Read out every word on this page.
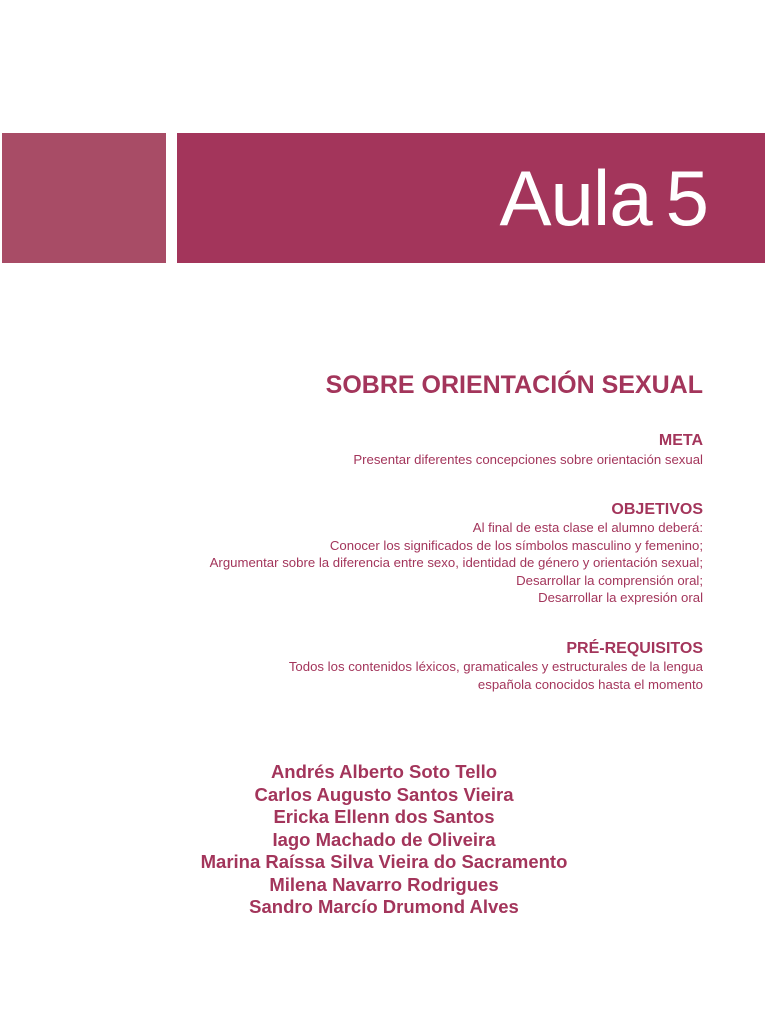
Aula 5
SOBRE ORIENTACIÓN SEXUAL
META
Presentar diferentes concepciones sobre orientación sexual
OBJETIVOS
Al final de esta clase el alumno deberá:
Conocer los significados de los símbolos masculino y femenino;
Argumentar sobre la diferencia entre sexo, identidad de género y orientación sexual;
Desarrollar la comprensión oral;
Desarrollar la expresión oral
PRÉ-REQUISITOS
Todos los contenidos léxicos, gramaticales y estructurales de la lengua
española conocidos hasta el momento
Andrés Alberto Soto Tello
Carlos Augusto Santos Vieira
Ericka Ellenn dos Santos
Iago Machado de Oliveira
Marina Raíssa Silva Vieira do Sacramento
Milena Navarro Rodrigues
Sandro Marcío Drumond Alves
